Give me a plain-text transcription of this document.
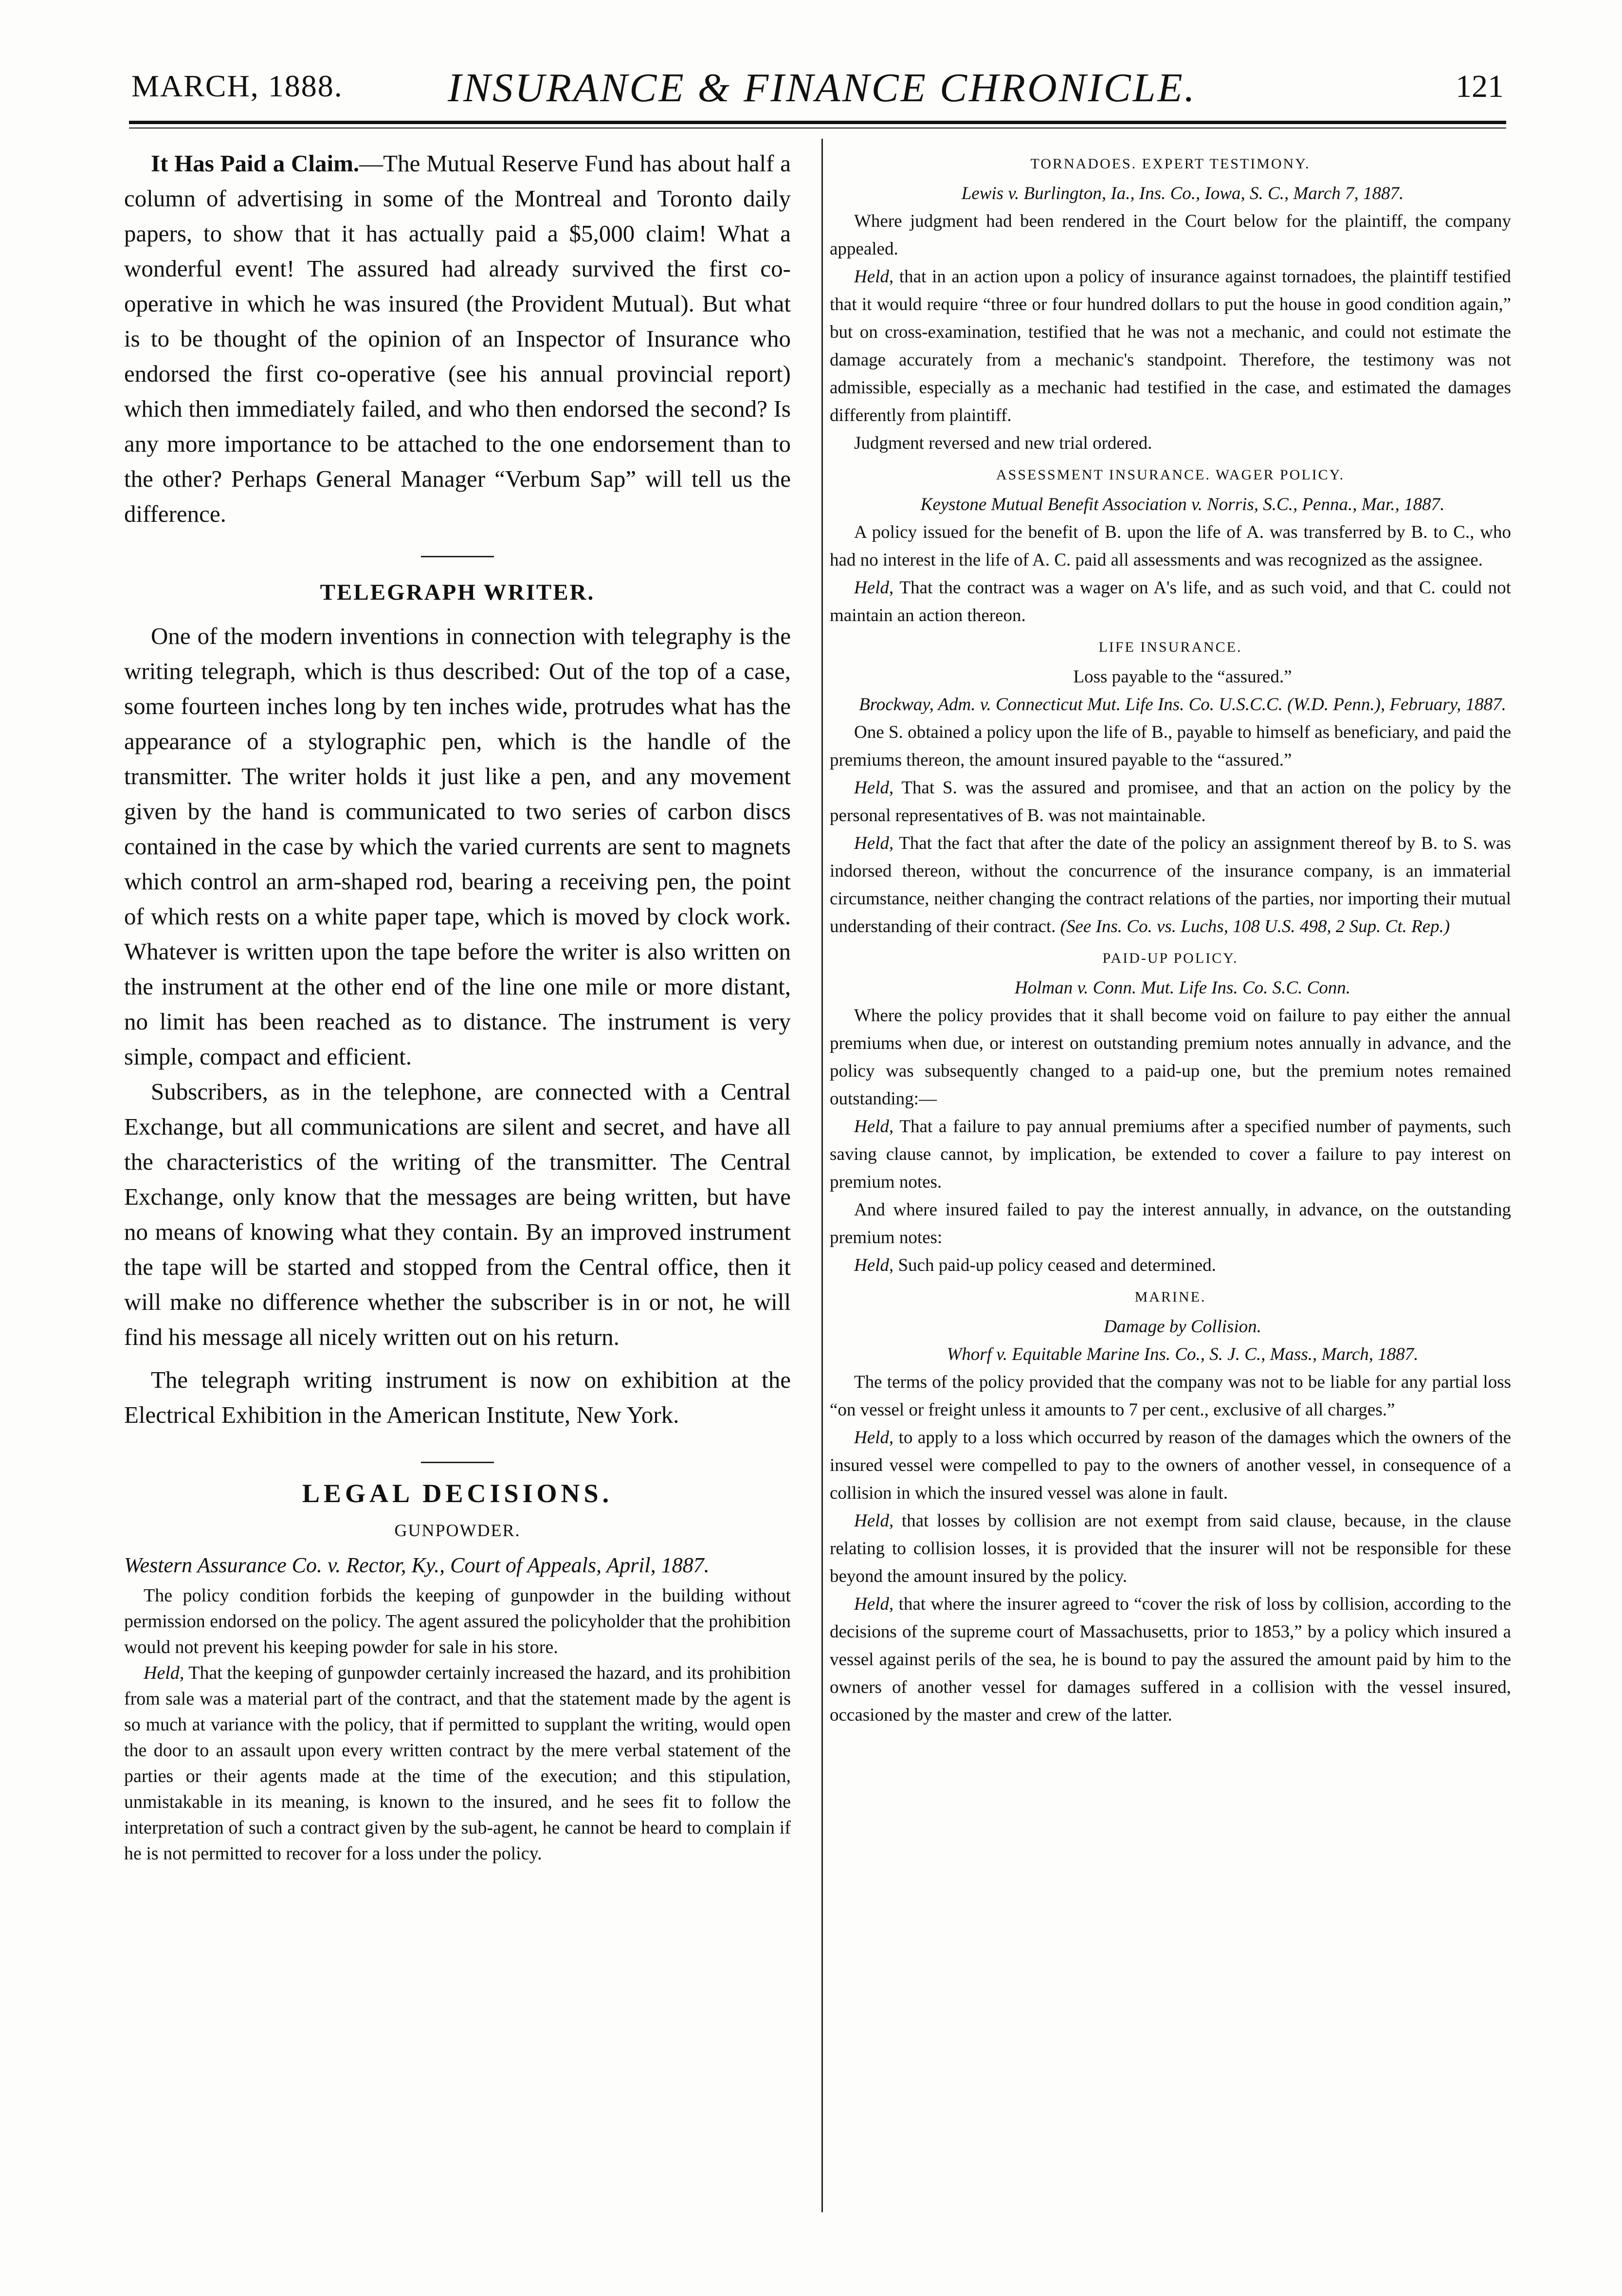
MARCH, 1888.	INSURANCE & FINANCE CHRONICLE.	121

It Has Paid a Claim.—The Mutual Reserve Fund has about half a column of advertising in some of the Montreal and Toronto daily papers, to show that it has actually paid a $5,000 claim! What a wonderful event! The assured had already survived the first co-operative in which he was insured (the Provident Mutual). But what is to be thought of the opinion of an Inspector of Insurance who endorsed the first co-operative (see his annual provincial report) which then immediately failed, and who then endorsed the second? Is any more importance to be attached to the one endorsement than to the other? Perhaps General Manager “Verbum Sap” will tell us the difference.

TELEGRAPH WRITER.

One of the modern inventions in connection with telegraphy is the writing telegraph, which is thus described: Out of the top of a case, some fourteen inches long by ten inches wide, protrudes what has the appearance of a stylographic pen, which is the handle of the transmitter. The writer holds it just like a pen, and any movement given by the hand is communicated to two series of carbon discs contained in the case by which the varied currents are sent to magnets which control an arm-shaped rod, bearing a receiving pen, the point of which rests on a white paper tape, which is moved by clock work. Whatever is written upon the tape before the writer is also written on the instrument at the other end of the line one mile or more distant, no limit has been reached as to distance. The instrument is very simple, compact and efficient.

Subscribers, as in the telephone, are connected with a Central Exchange, but all communications are silent and secret, and have all the characteristics of the writing of the transmitter. The Central Exchange, only know that the messages are being written, but have no means of knowing what they contain. By an improved instrument the tape will be started and stopped from the Central office, then it will make no difference whether the subscriber is in or not, he will find his message all nicely written out on his return.

The telegraph writing instrument is now on exhibition at the Electrical Exhibition in the American Institute, New York.

LEGAL DECISIONS.
GUNPOWDER.

Western Assurance Co. v. Rector, Ky., Court of Appeals, April, 1887.

The policy condition forbids the keeping of gunpowder in the building without permission endorsed on the policy. The agent assured the policyholder that the prohibition would not prevent his keeping powder for sale in his store.

Held, That the keeping of gunpowder certainly increased the hazard, and its prohibition from sale was a material part of the contract, and that the statement made by the agent is so much at variance with the policy, that if permitted to supplant the writing, would open the door to an assault upon every written contract by the mere verbal statement of the parties or their agents made at the time of the execution; and this stipulation, unmistakable in its meaning, is known to the insured, and he sees fit to follow the interpretation of such a contract given by the sub-agent, he cannot be heard to complain if he is not permitted to recover for a loss under the policy.

TORNADOES. EXPERT TESTIMONY.

Lewis v. Burlington, Ia., Ins. Co., Iowa, S. C., March 7, 1887.

Where judgment had been rendered in the Court below for the plaintiff, the company appealed.

Held, that in an action upon a policy of insurance against tornadoes, the plaintiff testified that it would require “three or four hundred dollars to put the house in good condition again,” but on cross-examination, testified that he was not a mechanic, and could not estimate the damage accurately from a mechanic's standpoint. Therefore, the testimony was not admissible, especially as a mechanic had testified in the case, and estimated the damages differently from plaintiff.

Judgment reversed and new trial ordered.

ASSESSMENT INSURANCE. WAGER POLICY.

Keystone Mutual Benefit Association v. Norris, S.C., Penna., Mar., 1887.

A policy issued for the benefit of B. upon the life of A. was transferred by B. to C., who had no interest in the life of A. C. paid all assessments and was recognized as the assignee.

Held, That the contract was a wager on A's life, and as such void, and that C. could not maintain an action thereon.

LIFE INSURANCE.

Loss payable to the “assured.”

Brockway, Adm. v. Connecticut Mut. Life Ins. Co. U.S.C.C. (W.D. Penn.), February, 1887.

One S. obtained a policy upon the life of B., payable to himself as beneficiary, and paid the premiums thereon, the amount insured payable to the “assured.”

Held, That S. was the assured and promisee, and that an action on the policy by the personal representatives of B. was not maintainable.

Held, That the fact that after the date of the policy an assignment thereof by B. to S. was indorsed thereon, without the concurrence of the insurance company, is an immaterial circumstance, neither changing the contract relations of the parties, nor importing their mutual understanding of their contract. (See Ins. Co. vs. Luchs, 108 U.S. 498, 2 Sup. Ct. Rep.)

PAID-UP POLICY.

Holman v. Conn. Mut. Life Ins. Co. S.C. Conn.

Where the policy provides that it shall become void on failure to pay either the annual premiums when due, or interest on outstanding premium notes annually in advance, and the policy was subsequently changed to a paid-up one, but the premium notes remained outstanding:—

Held, That a failure to pay annual premiums after a specified number of payments, such saving clause cannot, by implication, be extended to cover a failure to pay interest on premium notes.

And where insured failed to pay the interest annually, in advance, on the outstanding premium notes:

Held, Such paid-up policy ceased and determined.

MARINE.

Damage by Collision.

Whorf v. Equitable Marine Ins. Co., S. J. C., Mass., March, 1887.

The terms of the policy provided that the company was not to be liable for any partial loss “on vessel or freight unless it amounts to 7 per cent., exclusive of all charges.”

Held, to apply to a loss which occurred by reason of the damages which the owners of the insured vessel were compelled to pay to the owners of another vessel, in consequence of a collision in which the insured vessel was alone in fault.

Held, that losses by collision are not exempt from said clause, because, in the clause relating to collision losses, it is provided that the insurer will not be responsible for these beyond the amount insured by the policy.

Held, that where the insurer agreed to “cover the risk of loss by collision, according to the decisions of the supreme court of Massachusetts, prior to 1853,” by a policy which insured a vessel against perils of the sea, he is bound to pay the assured the amount paid by him to the owners of another vessel for damages suffered in a collision with the vessel insured, occasioned by the master and crew of the latter.
